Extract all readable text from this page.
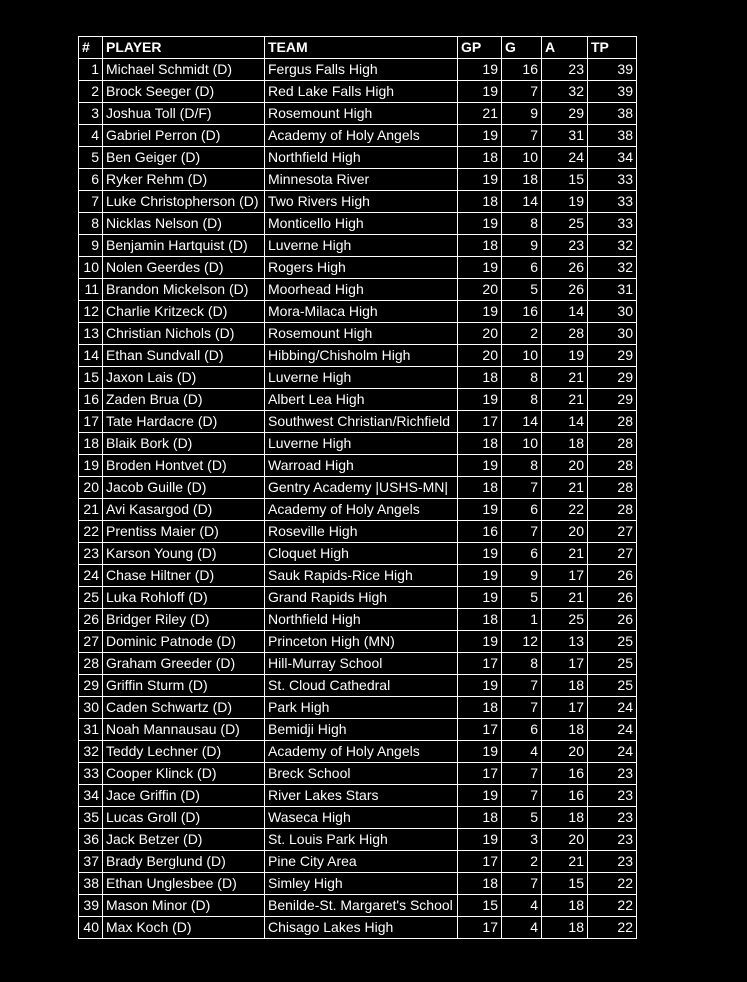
#	PLAYER	TEAM	GP	G	A	TP
1	Michael Schmidt (D)	Fergus Falls High	19	16	23	39
2	Brock Seeger (D)	Red Lake Falls High	19	7	32	39
3	Joshua Toll (D/F)	Rosemount High	21	9	29	38
4	Gabriel Perron (D)	Academy of Holy Angels	19	7	31	38
5	Ben Geiger (D)	Northfield High	18	10	24	34
6	Ryker Rehm (D)	Minnesota River	19	18	15	33
7	Luke Christopherson (D)	Two Rivers High	18	14	19	33
8	Nicklas Nelson (D)	Monticello High	19	8	25	33
9	Benjamin Hartquist (D)	Luverne High	18	9	23	32
10	Nolen Geerdes (D)	Rogers High	19	6	26	32
11	Brandon Mickelson (D)	Moorhead High	20	5	26	31
12	Charlie Kritzeck (D)	Mora-Milaca High	19	16	14	30
13	Christian Nichols (D)	Rosemount High	20	2	28	30
14	Ethan Sundvall (D)	Hibbing/Chisholm High	20	10	19	29
15	Jaxon Lais (D)	Luverne High	18	8	21	29
16	Zaden Brua (D)	Albert Lea High	19	8	21	29
17	Tate Hardacre (D)	Southwest Christian/Richfield	17	14	14	28
18	Blaik Bork (D)	Luverne High	18	10	18	28
19	Broden Hontvet (D)	Warroad High	19	8	20	28
20	Jacob Guille (D)	Gentry Academy |USHS-MN|	18	7	21	28
21	Avi Kasargod (D)	Academy of Holy Angels	19	6	22	28
22	Prentiss Maier (D)	Roseville High	16	7	20	27
23	Karson Young (D)	Cloquet High	19	6	21	27
24	Chase Hiltner (D)	Sauk Rapids-Rice High	19	9	17	26
25	Luka Rohloff (D)	Grand Rapids High	19	5	21	26
26	Bridger Riley (D)	Northfield High	18	1	25	26
27	Dominic Patnode (D)	Princeton High (MN)	19	12	13	25
28	Graham Greeder (D)	Hill-Murray School	17	8	17	25
29	Griffin Sturm (D)	St. Cloud Cathedral	19	7	18	25
30	Caden Schwartz (D)	Park High	18	7	17	24
31	Noah Mannausau (D)	Bemidji High	17	6	18	24
32	Teddy Lechner (D)	Academy of Holy Angels	19	4	20	24
33	Cooper Klinck (D)	Breck School	17	7	16	23
34	Jace Griffin (D)	River Lakes Stars	19	7	16	23
35	Lucas Groll (D)	Waseca High	18	5	18	23
36	Jack Betzer (D)	St. Louis Park High	19	3	20	23
37	Brady Berglund (D)	Pine City Area	17	2	21	23
38	Ethan Unglesbee (D)	Simley High	18	7	15	22
39	Mason Minor (D)	Benilde-St. Margaret's School	15	4	18	22
40	Max Koch (D)	Chisago Lakes High	17	4	18	22
